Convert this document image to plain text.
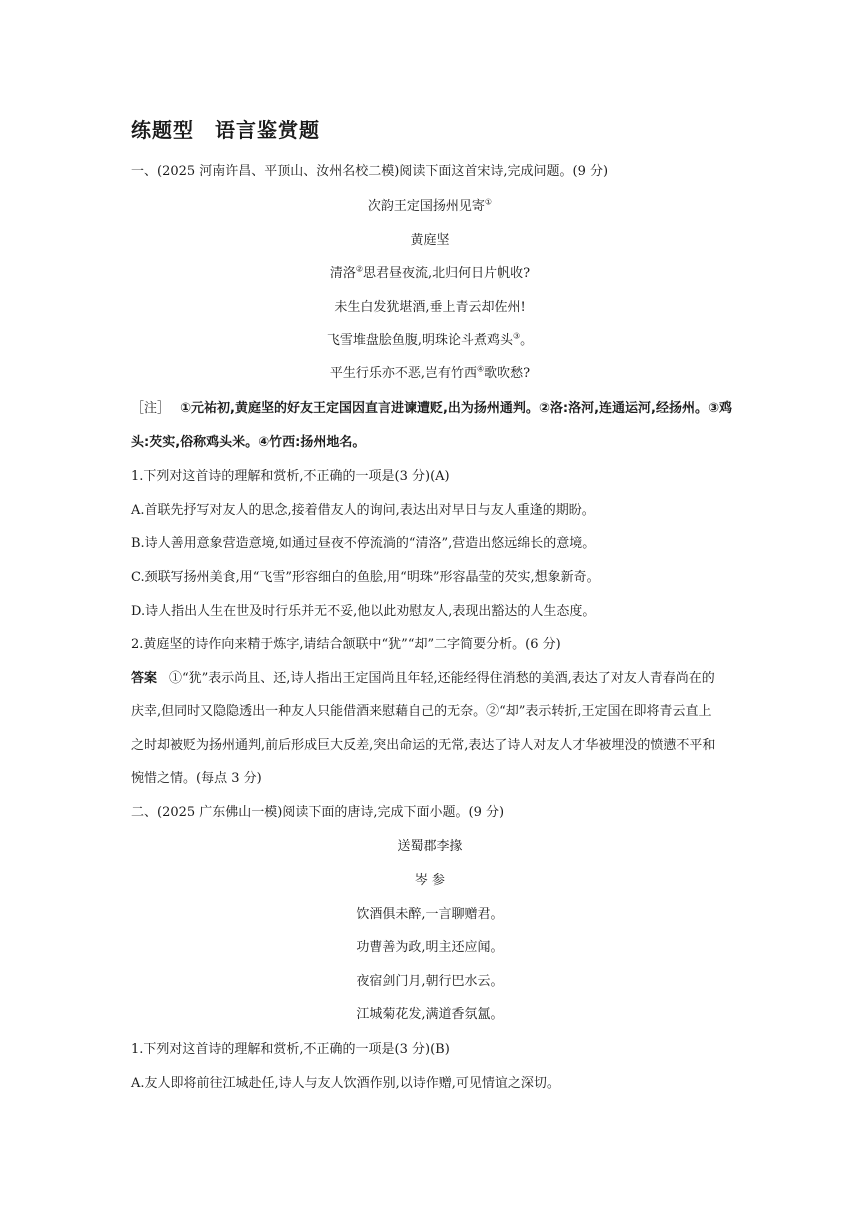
练题型　语言鉴赏题
一、(2025 河南许昌、平顶山、汝州名校二模)阅读下面这首宋诗,完成问题。(9 分)
次韵王定国扬州见寄①
黄庭坚
清洛②思君昼夜流,北归何日片帆收?
未生白发犹堪酒,垂上青云却佐州!
飞雪堆盘脍鱼腹,明珠论斗煮鸡头③。
平生行乐亦不恶,岂有竹西④歌吹愁?
［注］ ①元祐初,黄庭坚的好友王定国因直言进谏遭贬,出为扬州通判。②洛:洛河,连通运河,经扬州。③鸡
头:芡实,俗称鸡头米。④竹西:扬州地名。
1.下列对这首诗的理解和赏析,不正确的一项是(3 分)(A)
A.首联先抒写对友人的思念,接着借友人的询问,表达出对早日与友人重逢的期盼。
B.诗人善用意象营造意境,如通过昼夜不停流淌的“清洛”,营造出悠远绵长的意境。
C.颈联写扬州美食,用“飞雪”形容细白的鱼脍,用“明珠”形容晶莹的芡实,想象新奇。
D.诗人指出人生在世及时行乐并无不妥,他以此劝慰友人,表现出豁达的人生态度。
2.黄庭坚的诗作向来精于炼字,请结合颔联中“犹”“却”二字简要分析。(6 分)
答案 ①“犹”表示尚且、还,诗人指出王定国尚且年轻,还能经得住消愁的美酒,表达了对友人青春尚在的
庆幸,但同时又隐隐透出一种友人只能借酒来慰藉自己的无奈。②“却”表示转折,王定国在即将青云直上
之时却被贬为扬州通判,前后形成巨大反差,突出命运的无常,表达了诗人对友人才华被埋没的愤懑不平和
惋惜之情。(每点 3 分)
二、(2025 广东佛山一模)阅读下面的唐诗,完成下面小题。(9 分)
送蜀郡李掾
岑 参
饮酒俱未醉,一言聊赠君。
功曹善为政,明主还应闻。
夜宿剑门月,朝行巴水云。
江城菊花发,满道香氛氲。
1.下列对这首诗的理解和赏析,不正确的一项是(3 分)(B)
A.友人即将前往江城赴任,诗人与友人饮酒作别,以诗作赠,可见情谊之深切。
